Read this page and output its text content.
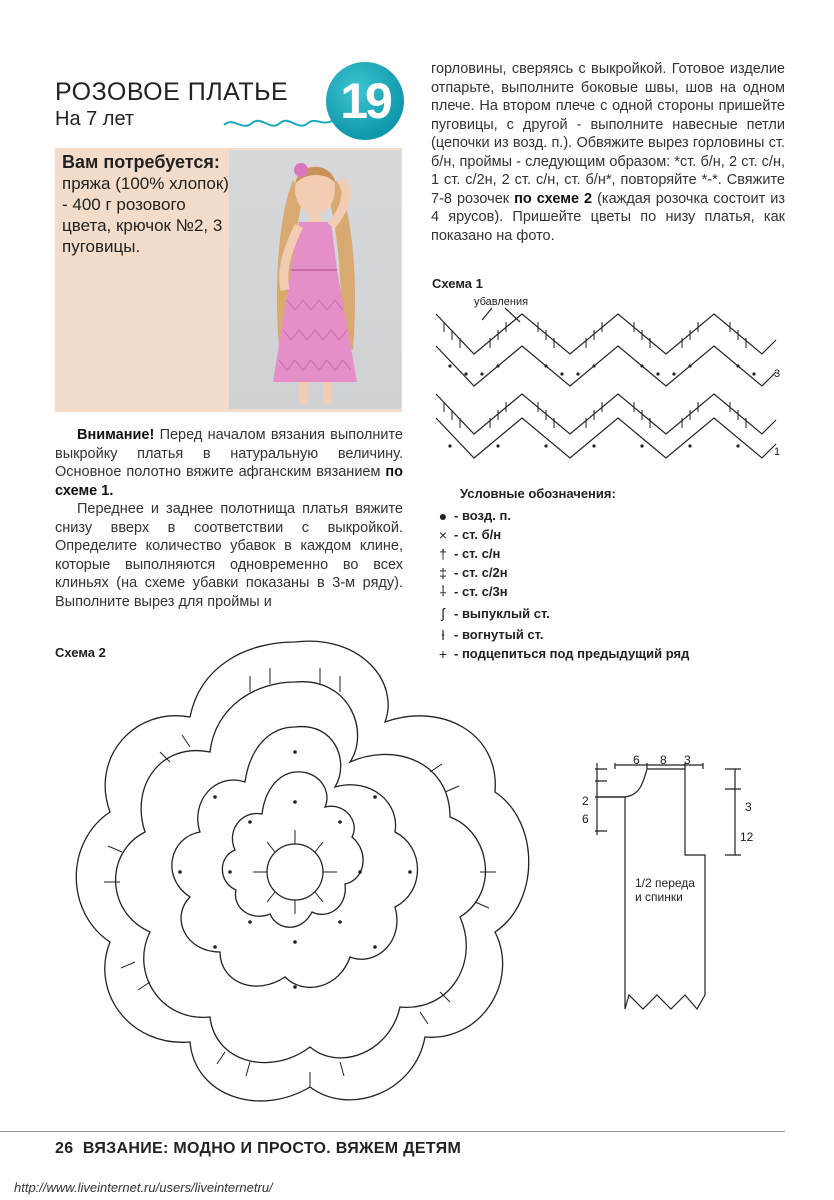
РОЗОВОЕ ПЛАТЬЕ
На 7 лет	19
Вам потребуется:
пряжа (100% хлопок) - 400 г розового цвета, крючок №2, 3 пуговицы.
Внимание! Перед началом вязания выполните выкройку платья в натуральную величину. Основное полотно вяжите афганским вязанием по схеме 1.
Переднее и заднее полотнища платья вяжите снизу вверх в соответствии с выкройкой. Определите количество убавок в каждом клине, которые выполняются одновременно во всех клиньях (на схеме убавки показаны в 3-м ряду). Выполните вырез для проймы и
горловины, сверяясь с выкройкой. Готовое изделие отпарьте, выполните боковые швы, шов на одном плече. На втором плече с одной стороны пришейте пуговицы, с другой - выполните навесные петли (цепочки из возд. п.). Обвяжите вырез горловины ст. б/н, проймы - следующим образом: *ст. б/н, 2 ст. с/н, 1 ст. с/2н, 2 ст. с/н, ст. б/н*, повторяйте *-*. Свяжите 7-8 розочек по схеме 2 (каждая розочка состоит из 4 ярусов). Пришейте цветы по низу платья, как показано на фото.
Схема 1
убавления
3
1
Условные обозначения:
● - возд. п.
× - ст. б/н
† - ст. с/н
‡ - ст. с/2н
⸸ - ст. с/3н
ʃ - выпуклый ст.
ƚ - вогнутый ст.
+ - подцепиться под предыдущий ряд
Схема 2
6 8 3
2
6
3
12
1/2 переда и спинки
26 ВЯЗАНИЕ: МОДНО И ПРОСТО. ВЯЖЕМ ДЕТЯМ
http://www.liveinternet.ru/users/liveinternetru/
